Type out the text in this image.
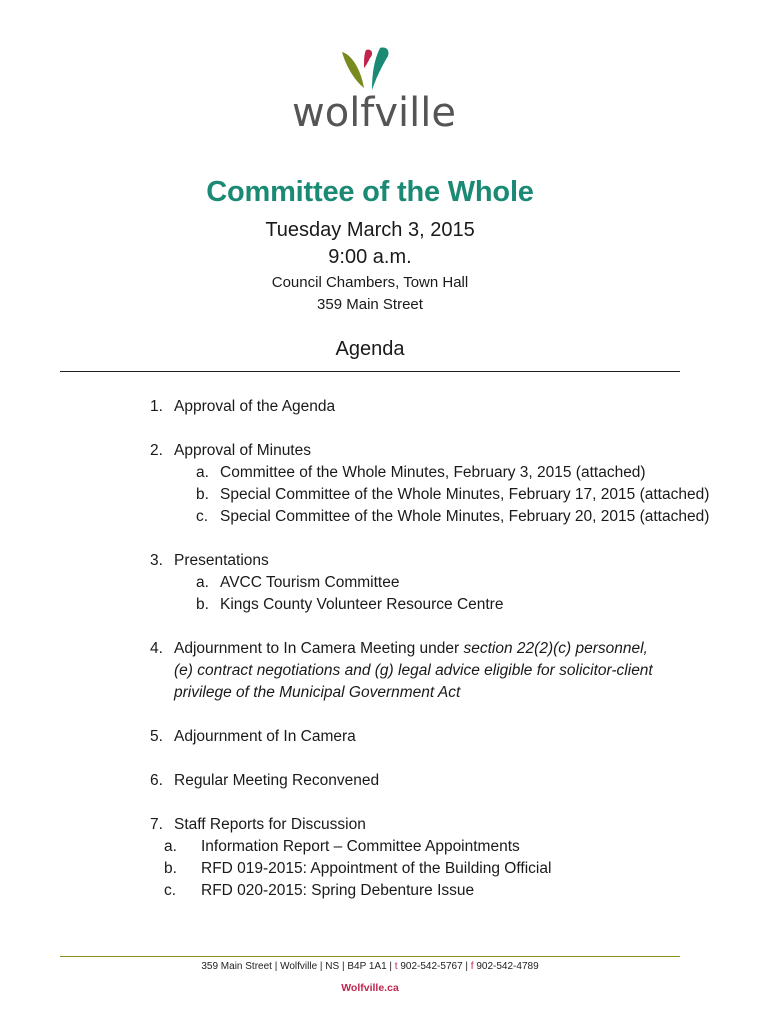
wolfville
Committee of the Whole
Tuesday March 3, 2015
9:00 a.m.
Council Chambers, Town Hall
359 Main Street
Agenda
1. Approval of the Agenda
2. Approval of Minutes
a. Committee of the Whole Minutes, February 3, 2015 (attached)
b. Special Committee of the Whole Minutes, February 17, 2015 (attached)
c. Special Committee of the Whole Minutes, February 20, 2015 (attached)
3. Presentations
a. AVCC Tourism Committee
b. Kings County Volunteer Resource Centre
4. Adjournment to In Camera Meeting under section 22(2)(c) personnel,
(e) contract negotiations and (g) legal advice eligible for solicitor-client
privilege of the Municipal Government Act
5. Adjournment of In Camera
6. Regular Meeting Reconvened
7. Staff Reports for Discussion
a. Information Report – Committee Appointments
b. RFD 019-2015: Appointment of the Building Official
c. RFD 020-2015: Spring Debenture Issue
359 Main Street | Wolfville | NS | B4P 1A1 | t 902-542-5767 | f 902-542-4789
Wolfville.ca
